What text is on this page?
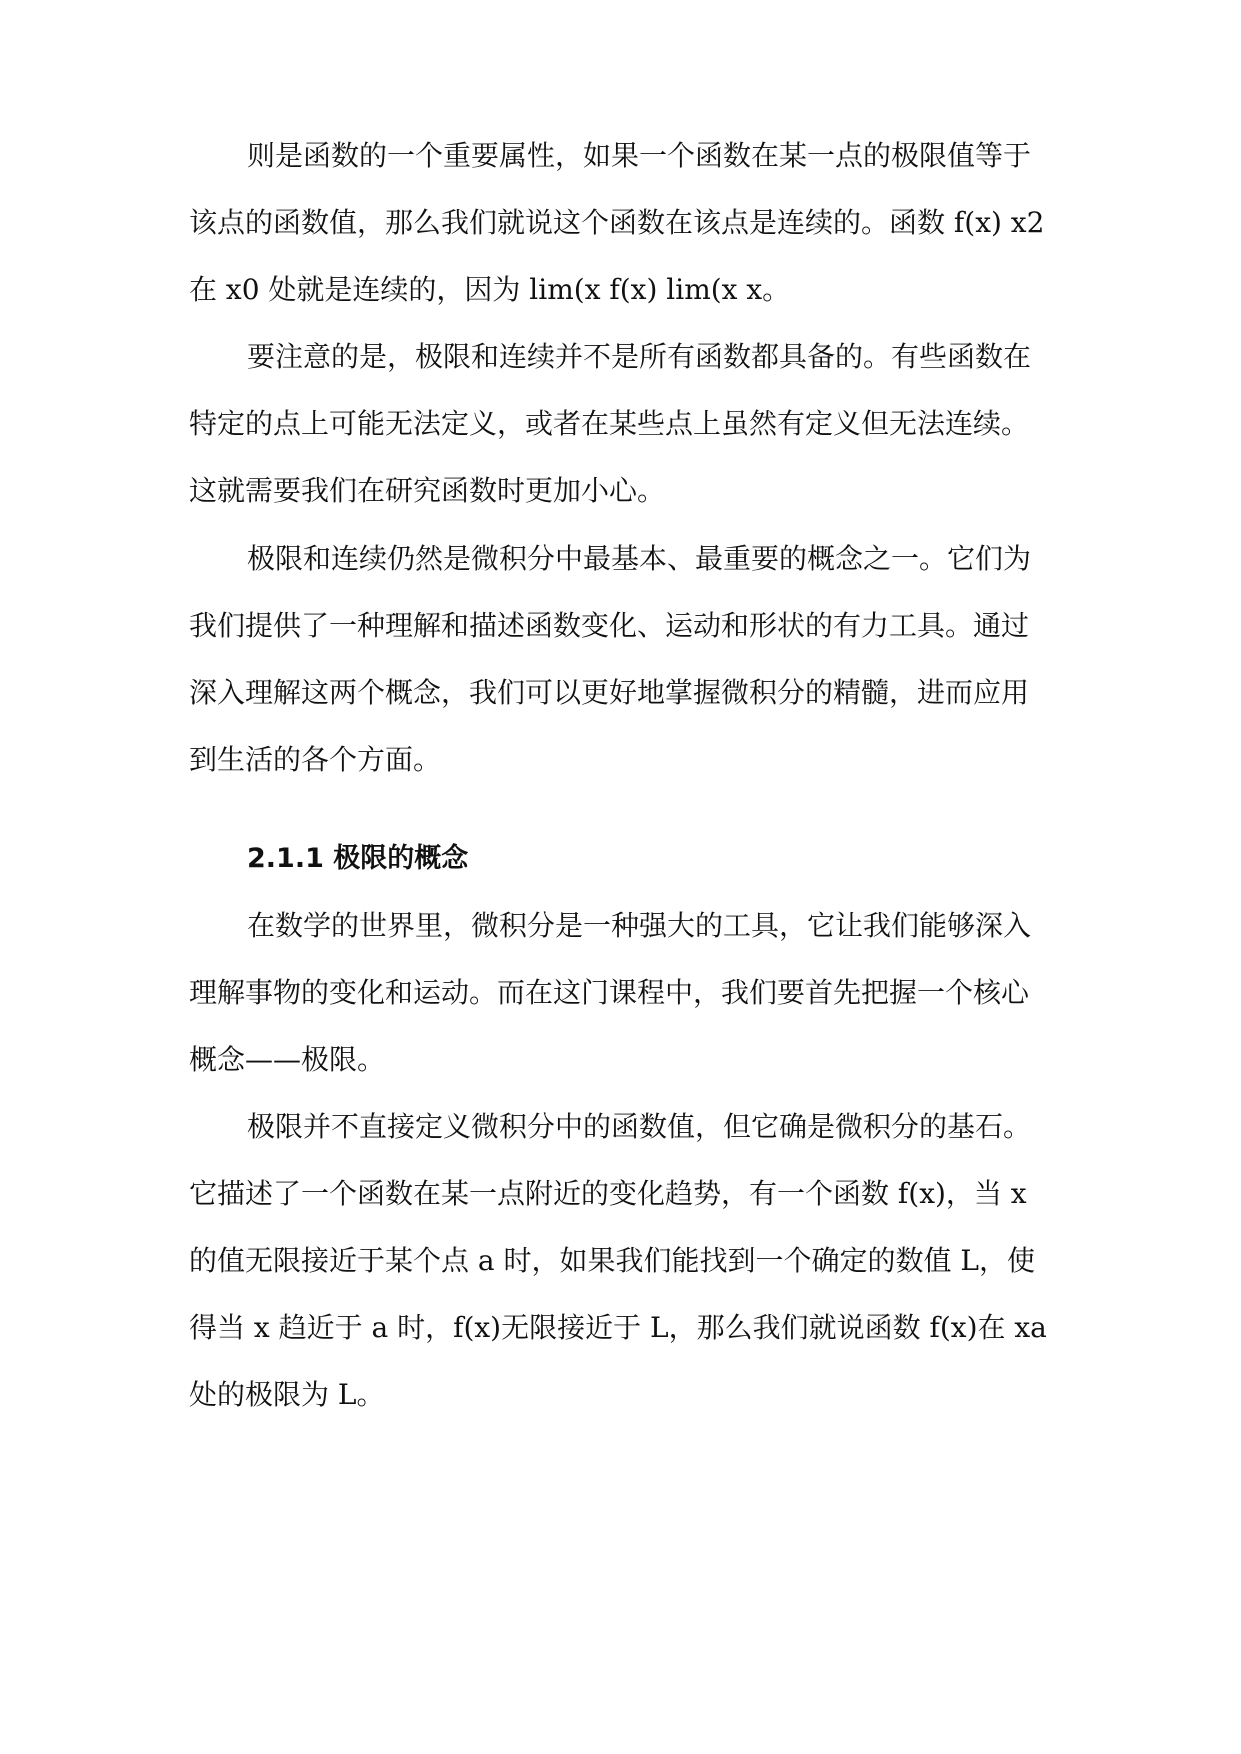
则是函数的一个重要属性，如果一个函数在某一点的极限值等于
该点的函数值，那么我们就说这个函数在该点是连续的。函数 f(x) x2
在 x0 处就是连续的，因为 lim(x f(x) lim(x x。
要注意的是，极限和连续并不是所有函数都具备的。有些函数在
特定的点上可能无法定义，或者在某些点上虽然有定义但无法连续。
这就需要我们在研究函数时更加小心。
极限和连续仍然是微积分中最基本、最重要的概念之一。它们为
我们提供了一种理解和描述函数变化、运动和形状的有力工具。通过
深入理解这两个概念，我们可以更好地掌握微积分的精髓，进而应用
到生活的各个方面。
2.1.1 极限的概念
在数学的世界里，微积分是一种强大的工具，它让我们能够深入
理解事物的变化和运动。而在这门课程中，我们要首先把握一个核心
概念——极限。
极限并不直接定义微积分中的函数值，但它确是微积分的基石。
它描述了一个函数在某一点附近的变化趋势，有一个函数 f(x)，当 x
的值无限接近于某个点 a 时，如果我们能找到一个确定的数值 L，使
得当 x 趋近于 a 时，f(x)无限接近于 L，那么我们就说函数 f(x)在 xa
处的极限为 L。
